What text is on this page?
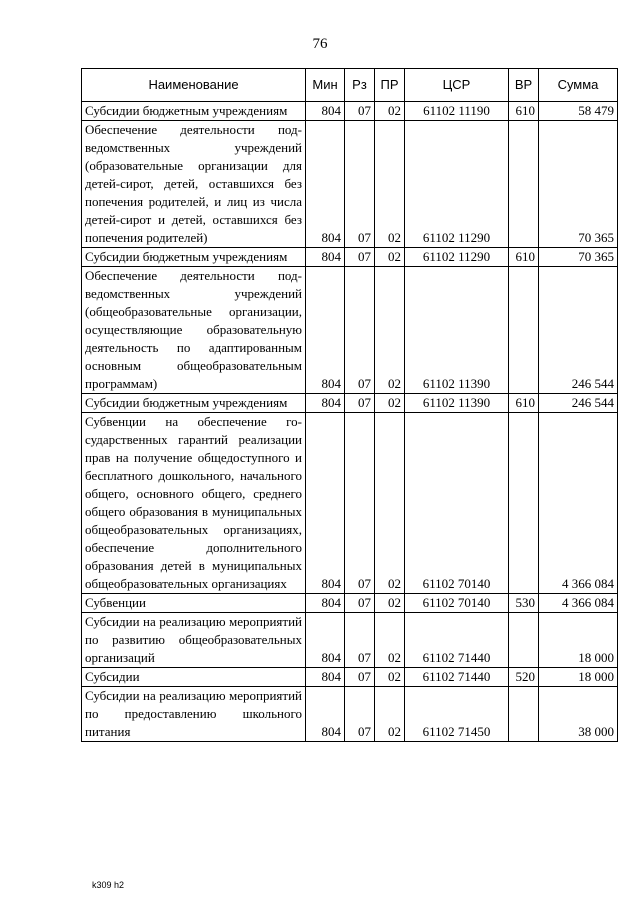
76
Наименование	Мин	Рз	ПР	ЦСР	ВР	Сумма
Субсидии бюджетным учреждениям	804	07	02	61102 11190	610	58 479
Обеспечение деятельности подведомственных учреждений (образовательные организации для детей-сирот, детей, оставшихся без попечения родителей, и лиц из числа детей-сирот и детей, оставшихся без попечения родителей)	804	07	02	61102 11290		70 365
Субсидии бюджетным учреждениям	804	07	02	61102 11290	610	70 365
Обеспечение деятельности подведомственных учреждений (общеобразовательные организации, осуществляющие образовательную деятельность по адаптированным основным общеобразовательным программам)	804	07	02	61102 11390		246 544
Субсидии бюджетным учреждениям	804	07	02	61102 11390	610	246 544
Субвенции на обеспечение государственных гарантий реализации прав на получение общедоступного и бесплатного дошкольного, начального общего, основного общего, среднего общего образования в муниципальных общеобразовательных организациях, обеспечение дополнительного образования детей в муниципальных общеобразовательных организациях	804	07	02	61102 70140		4 366 084
Субвенции	804	07	02	61102 70140	530	4 366 084
Субсидии на реализацию мероприятий по развитию общеобразовательных организаций	804	07	02	61102 71440		18 000
Субсидии	804	07	02	61102 71440	520	18 000
Субсидии на реализацию мероприятий по предоставлению школьного питания	804	07	02	61102 71450		38 000
k309 h2
